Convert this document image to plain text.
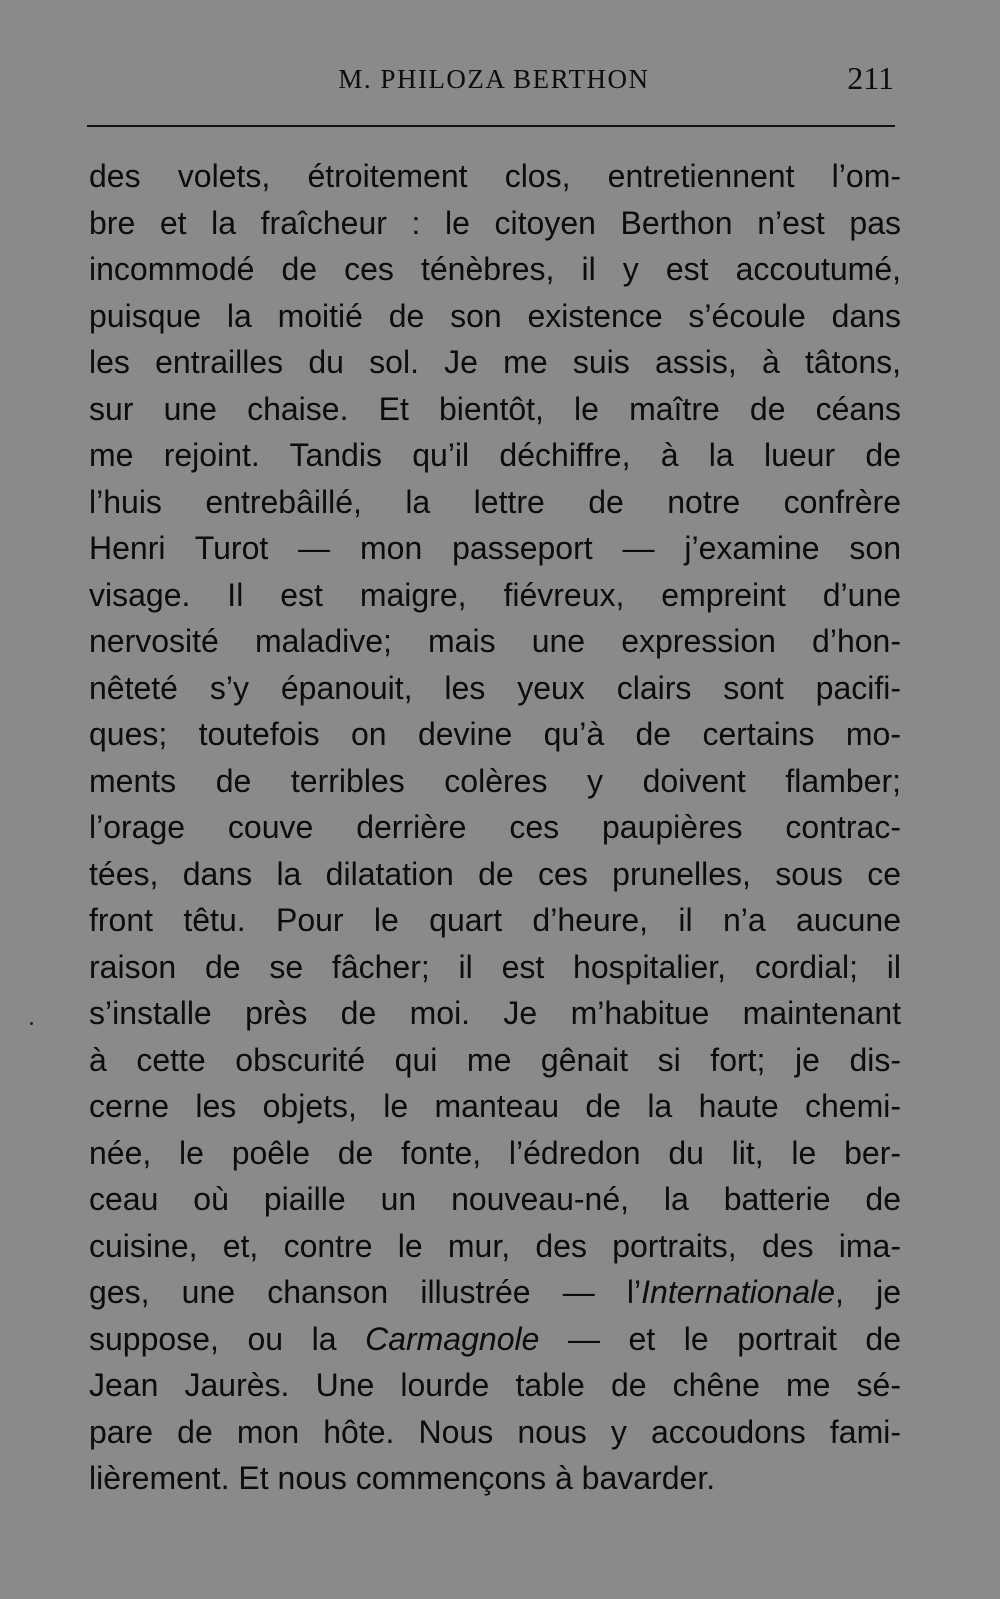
M. PHILOZA BERTHON	211
des volets, étroitement clos, entretiennent l’om-
bre et la fraîcheur : le citoyen Berthon n’est pas
incommodé de ces ténèbres, il y est accoutumé,
puisque la moitié de son existence s’écoule dans
les entrailles du sol. Je me suis assis, à tâtons,
sur une chaise. Et bientôt, le maître de céans
me rejoint. Tandis qu’il déchiffre, à la lueur de
l’huis entrebâillé, la lettre de notre confrère
Henri Turot — mon passeport — j’examine son
visage. Il est maigre, fiévreux, empreint d’une
nervosité maladive; mais une expression d’hon-
nêteté s’y épanouit, les yeux clairs sont pacifi-
ques; toutefois on devine qu’à de certains mo-
ments de terribles colères y doivent flamber;
l’orage couve derrière ces paupières contrac-
tées, dans la dilatation de ces prunelles, sous ce
front têtu. Pour le quart d’heure, il n’a aucune
raison de se fâcher; il est hospitalier, cordial; il
s’installe près de moi. Je m’habitue maintenant
à cette obscurité qui me gênait si fort; je dis-
cerne les objets, le manteau de la haute chemi-
née, le poêle de fonte, l’édredon du lit, le ber-
ceau où piaille un nouveau-né, la batterie de
cuisine, et, contre le mur, des portraits, des ima-
ges, une chanson illustrée — l’Internationale, je
suppose, ou la Carmagnole — et le portrait de
Jean Jaurès. Une lourde table de chêne me sé-
pare de mon hôte. Nous nous y accoudons fami-
lièrement. Et nous commençons à bavarder.
